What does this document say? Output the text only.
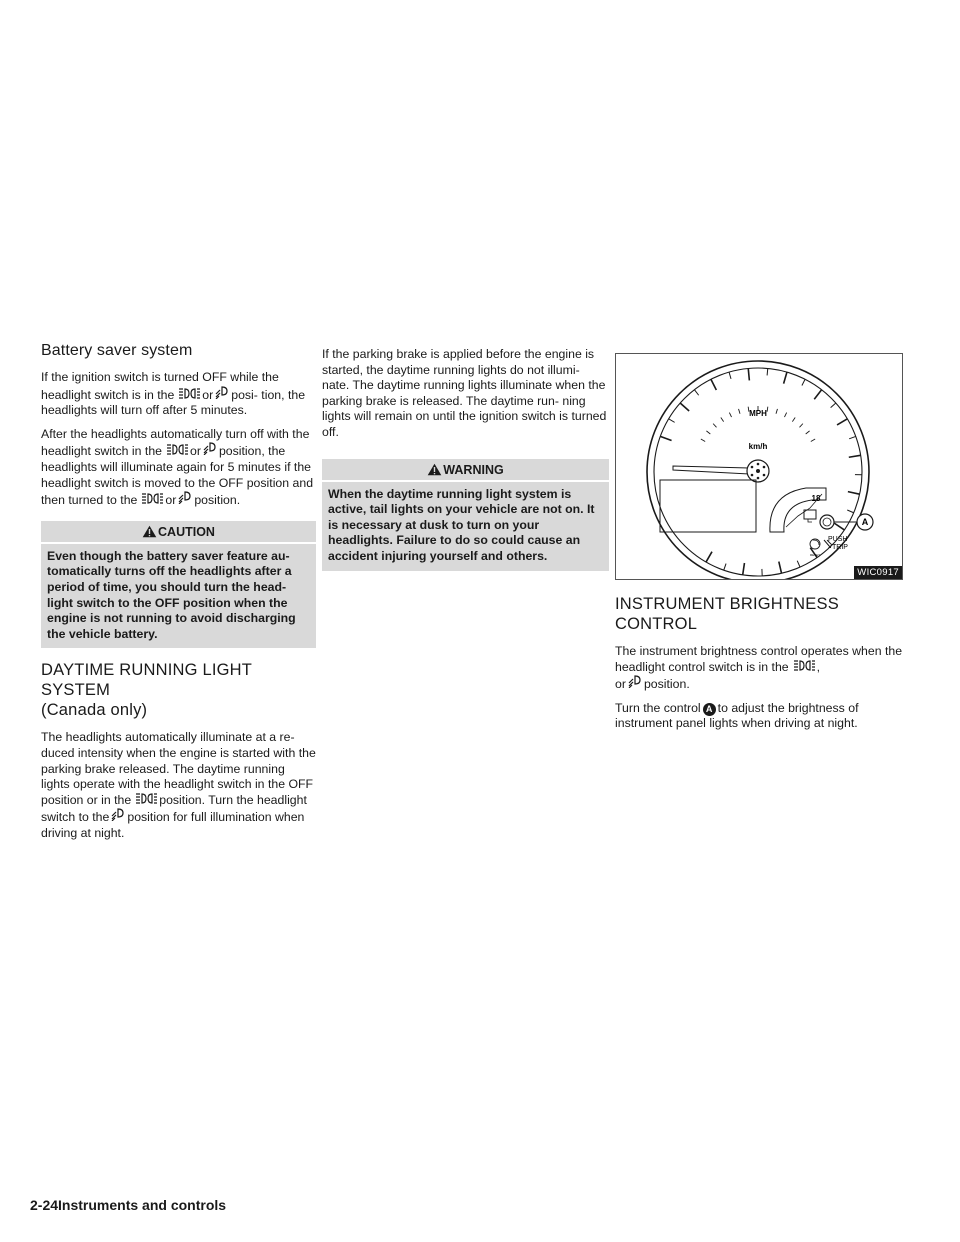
Battery saver system

If the ignition switch is turned OFF while the headlight switch is in the or posi- tion, the headlights will turn off after 5 minutes.

After the headlights automatically turn off with the headlight switch in the or position, the headlights will illuminate again for 5 minutes if the headlight switch is moved to the OFF position and then turned to the or position.

CAUTION
Even though the battery saver feature au- tomatically turns off the headlights after a period of time, you should turn the head- light switch to the OFF position when the engine is not running to avoid discharging the vehicle battery.
DAYTIME RUNNING LIGHT SYSTEM
(Canada only)

The headlights automatically illuminate at a re- duced intensity when the engine is started with the parking brake released. The daytime running lights operate with the headlight switch in the OFF position or in the position. Turn the headlight switch to the position for full illumination when driving at night.

If the parking brake is applied before the engine is started, the daytime running lights do not illumi- nate. The daytime running lights illuminate when the parking brake is released. The daytime run- ning lights will remain on until the ignition switch is turned off.

WARNING
When the daytime running light system is active, tail lights on your vehicle are not on. It is necessary at dusk to turn on your headlights. Failure to do so could cause an accident injuring yourself and others.
MPH
km/h
18
A
PUSH
TRIP
RESET
WIC0917
INSTRUMENT BRIGHTNESS
CONTROL

The instrument brightness control operates when the headlight control switch is in the ,
or position.

Turn the control A to adjust the brightness of instrument panel lights when driving at night.

2-24Instruments and controls
